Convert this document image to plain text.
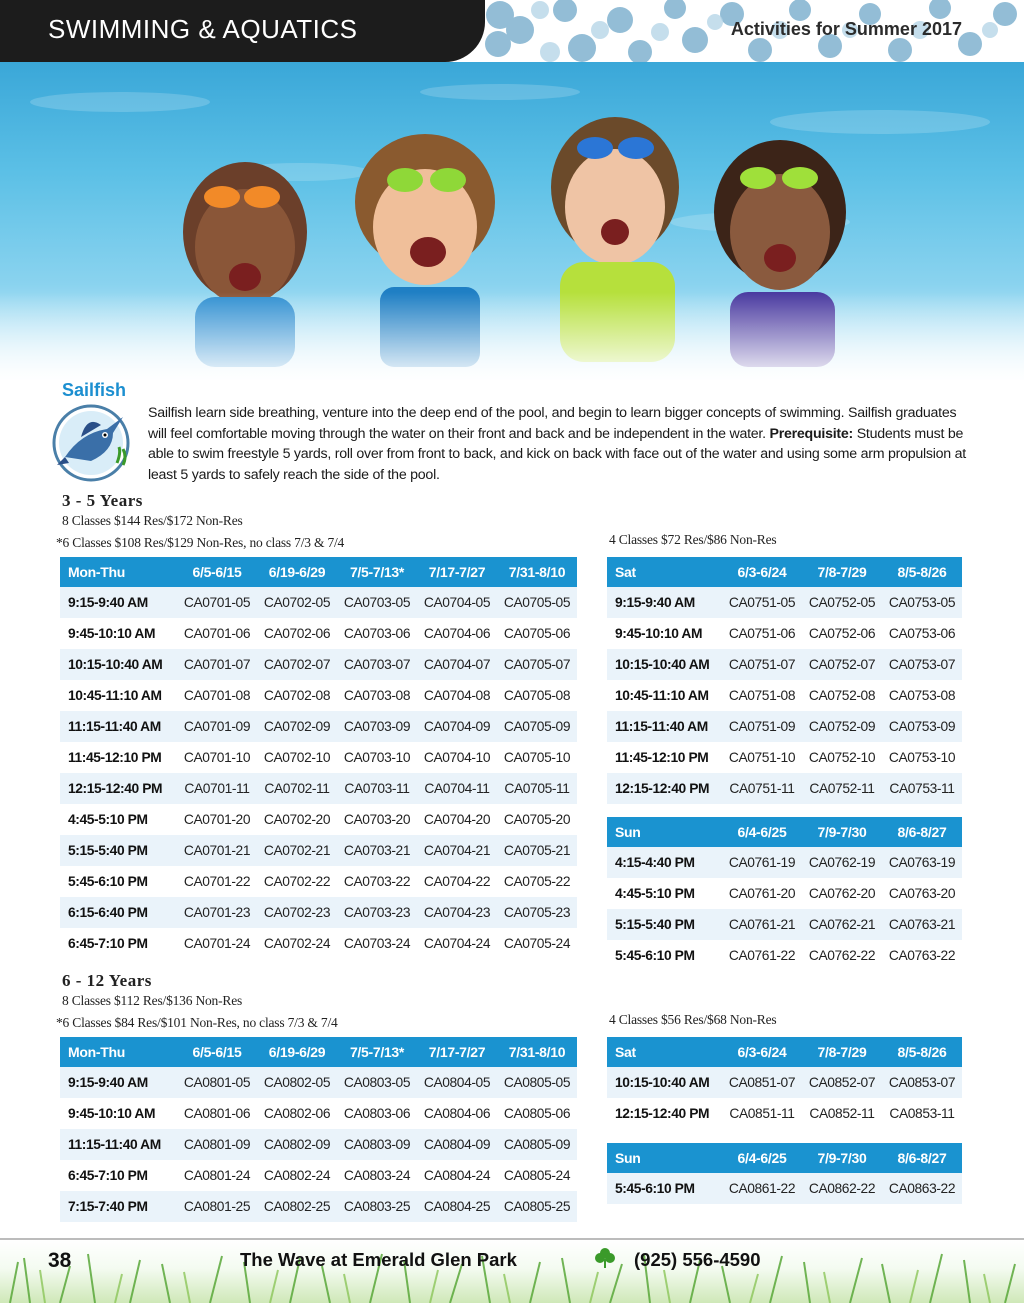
SWIMMING & AQUATICS	Activities for Summer 2017
Sailfish
Sailfish learn side breathing, venture into the deep end of the pool, and begin to learn bigger concepts of swimming. Sailfish graduates will feel comfortable moving through the water on their front and back and be independent in the water. Prerequisite: Students must be able to swim freestyle 5 yards, roll over from front to back, and kick on back with face out of the water and using some arm propulsion at least 5 yards to safely reach the side of the pool.
3 - 5 Years
8 Classes $144 Res/$172 Non-Res
*6 Classes $108 Res/$129 Non-Res, no class 7/3 & 7/4	4 Classes $72 Res/$86 Non-Res
Mon-Thu	6/5-6/15	6/19-6/29	7/5-7/13*	7/17-7/27	7/31-8/10
9:15-9:40 AM	CA0701-05	CA0702-05	CA0703-05	CA0704-05	CA0705-05
9:45-10:10 AM	CA0701-06	CA0702-06	CA0703-06	CA0704-06	CA0705-06
10:15-10:40 AM	CA0701-07	CA0702-07	CA0703-07	CA0704-07	CA0705-07
10:45-11:10 AM	CA0701-08	CA0702-08	CA0703-08	CA0704-08	CA0705-08
11:15-11:40 AM	CA0701-09	CA0702-09	CA0703-09	CA0704-09	CA0705-09
11:45-12:10 PM	CA0701-10	CA0702-10	CA0703-10	CA0704-10	CA0705-10
12:15-12:40 PM	CA0701-11	CA0702-11	CA0703-11	CA0704-11	CA0705-11
4:45-5:10 PM	CA0701-20	CA0702-20	CA0703-20	CA0704-20	CA0705-20
5:15-5:40 PM	CA0701-21	CA0702-21	CA0703-21	CA0704-21	CA0705-21
5:45-6:10 PM	CA0701-22	CA0702-22	CA0703-22	CA0704-22	CA0705-22
6:15-6:40 PM	CA0701-23	CA0702-23	CA0703-23	CA0704-23	CA0705-23
6:45-7:10 PM	CA0701-24	CA0702-24	CA0703-24	CA0704-24	CA0705-24
Sat	6/3-6/24	7/8-7/29	8/5-8/26
9:15-9:40 AM	CA0751-05	CA0752-05	CA0753-05
9:45-10:10 AM	CA0751-06	CA0752-06	CA0753-06
10:15-10:40 AM	CA0751-07	CA0752-07	CA0753-07
10:45-11:10 AM	CA0751-08	CA0752-08	CA0753-08
11:15-11:40 AM	CA0751-09	CA0752-09	CA0753-09
11:45-12:10 PM	CA0751-10	CA0752-10	CA0753-10
12:15-12:40 PM	CA0751-11	CA0752-11	CA0753-11
Sun	6/4-6/25	7/9-7/30	8/6-8/27
4:15-4:40 PM	CA0761-19	CA0762-19	CA0763-19
4:45-5:10 PM	CA0761-20	CA0762-20	CA0763-20
5:15-5:40 PM	CA0761-21	CA0762-21	CA0763-21
5:45-6:10 PM	CA0761-22	CA0762-22	CA0763-22
6 - 12 Years
8 Classes $112 Res/$136 Non-Res
*6 Classes $84 Res/$101 Non-Res, no class 7/3 & 7/4	4 Classes $56 Res/$68 Non-Res
Mon-Thu	6/5-6/15	6/19-6/29	7/5-7/13*	7/17-7/27	7/31-8/10
9:15-9:40 AM	CA0801-05	CA0802-05	CA0803-05	CA0804-05	CA0805-05
9:45-10:10 AM	CA0801-06	CA0802-06	CA0803-06	CA0804-06	CA0805-06
11:15-11:40 AM	CA0801-09	CA0802-09	CA0803-09	CA0804-09	CA0805-09
6:45-7:10 PM	CA0801-24	CA0802-24	CA0803-24	CA0804-24	CA0805-24
7:15-7:40 PM	CA0801-25	CA0802-25	CA0803-25	CA0804-25	CA0805-25
Sat	6/3-6/24	7/8-7/29	8/5-8/26
10:15-10:40 AM	CA0851-07	CA0852-07	CA0853-07
12:15-12:40 PM	CA0851-11	CA0852-11	CA0853-11
Sun	6/4-6/25	7/9-7/30	8/6-8/27
5:45-6:10 PM	CA0861-22	CA0862-22	CA0863-22
38	The Wave at Emerald Glen Park	(925) 556-4590
